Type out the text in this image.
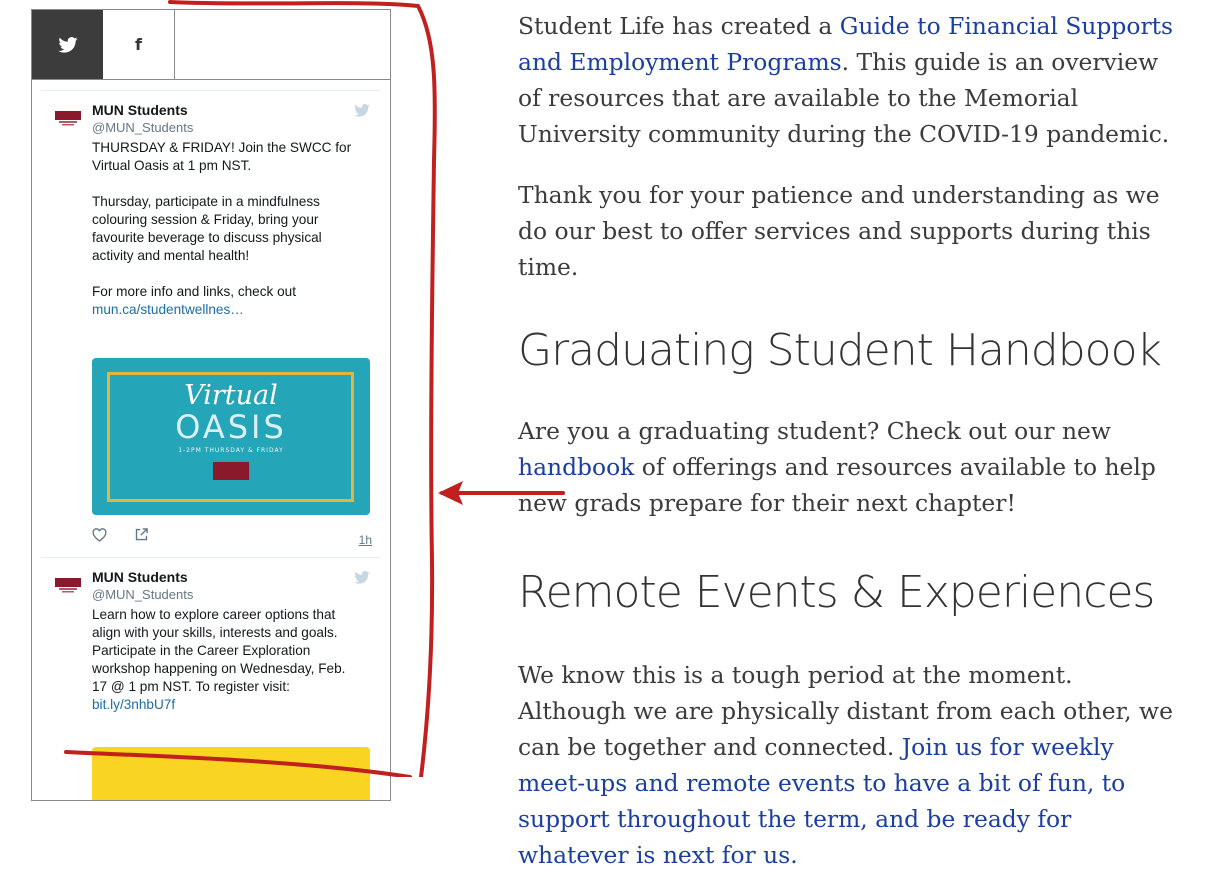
f
MUN Students
@MUN_Students
THURSDAY & FRIDAY! Join the SWCC for Virtual Oasis at 1 pm NST.

Thursday, participate in a mindfulness colouring session & Friday, bring your favourite beverage to discuss physical activity and mental health!

For more info and links, check out
mun.ca/studentwellnes…
Virtual
OASIS
1-2PM THURSDAY & FRIDAY
1h
MUN Students
@MUN_Students
Learn how to explore career options that align with your skills, interests and goals. Participate in the Career Exploration workshop happening on Wednesday, Feb. 17 @ 1 pm NST. To register visit:
bit.ly/3nhbU7f

Student Life has created a Guide to Financial Supports and Employment Programs. This guide is an overview of resources that are available to the Memorial University community during the COVID-19 pandemic.

Thank you for your patience and understanding as we do our best to offer services and supports during this time.

Graduating Student Handbook

Are you a graduating student? Check out our new handbook of offerings and resources available to help new grads prepare for their next chapter!

Remote Events & Experiences

We know this is a tough period at the moment. Although we are physically distant from each other, we can be together and connected. Join us for weekly meet-ups and remote events to have a bit of fun, to support throughout the term, and be ready for whatever is next for us.
